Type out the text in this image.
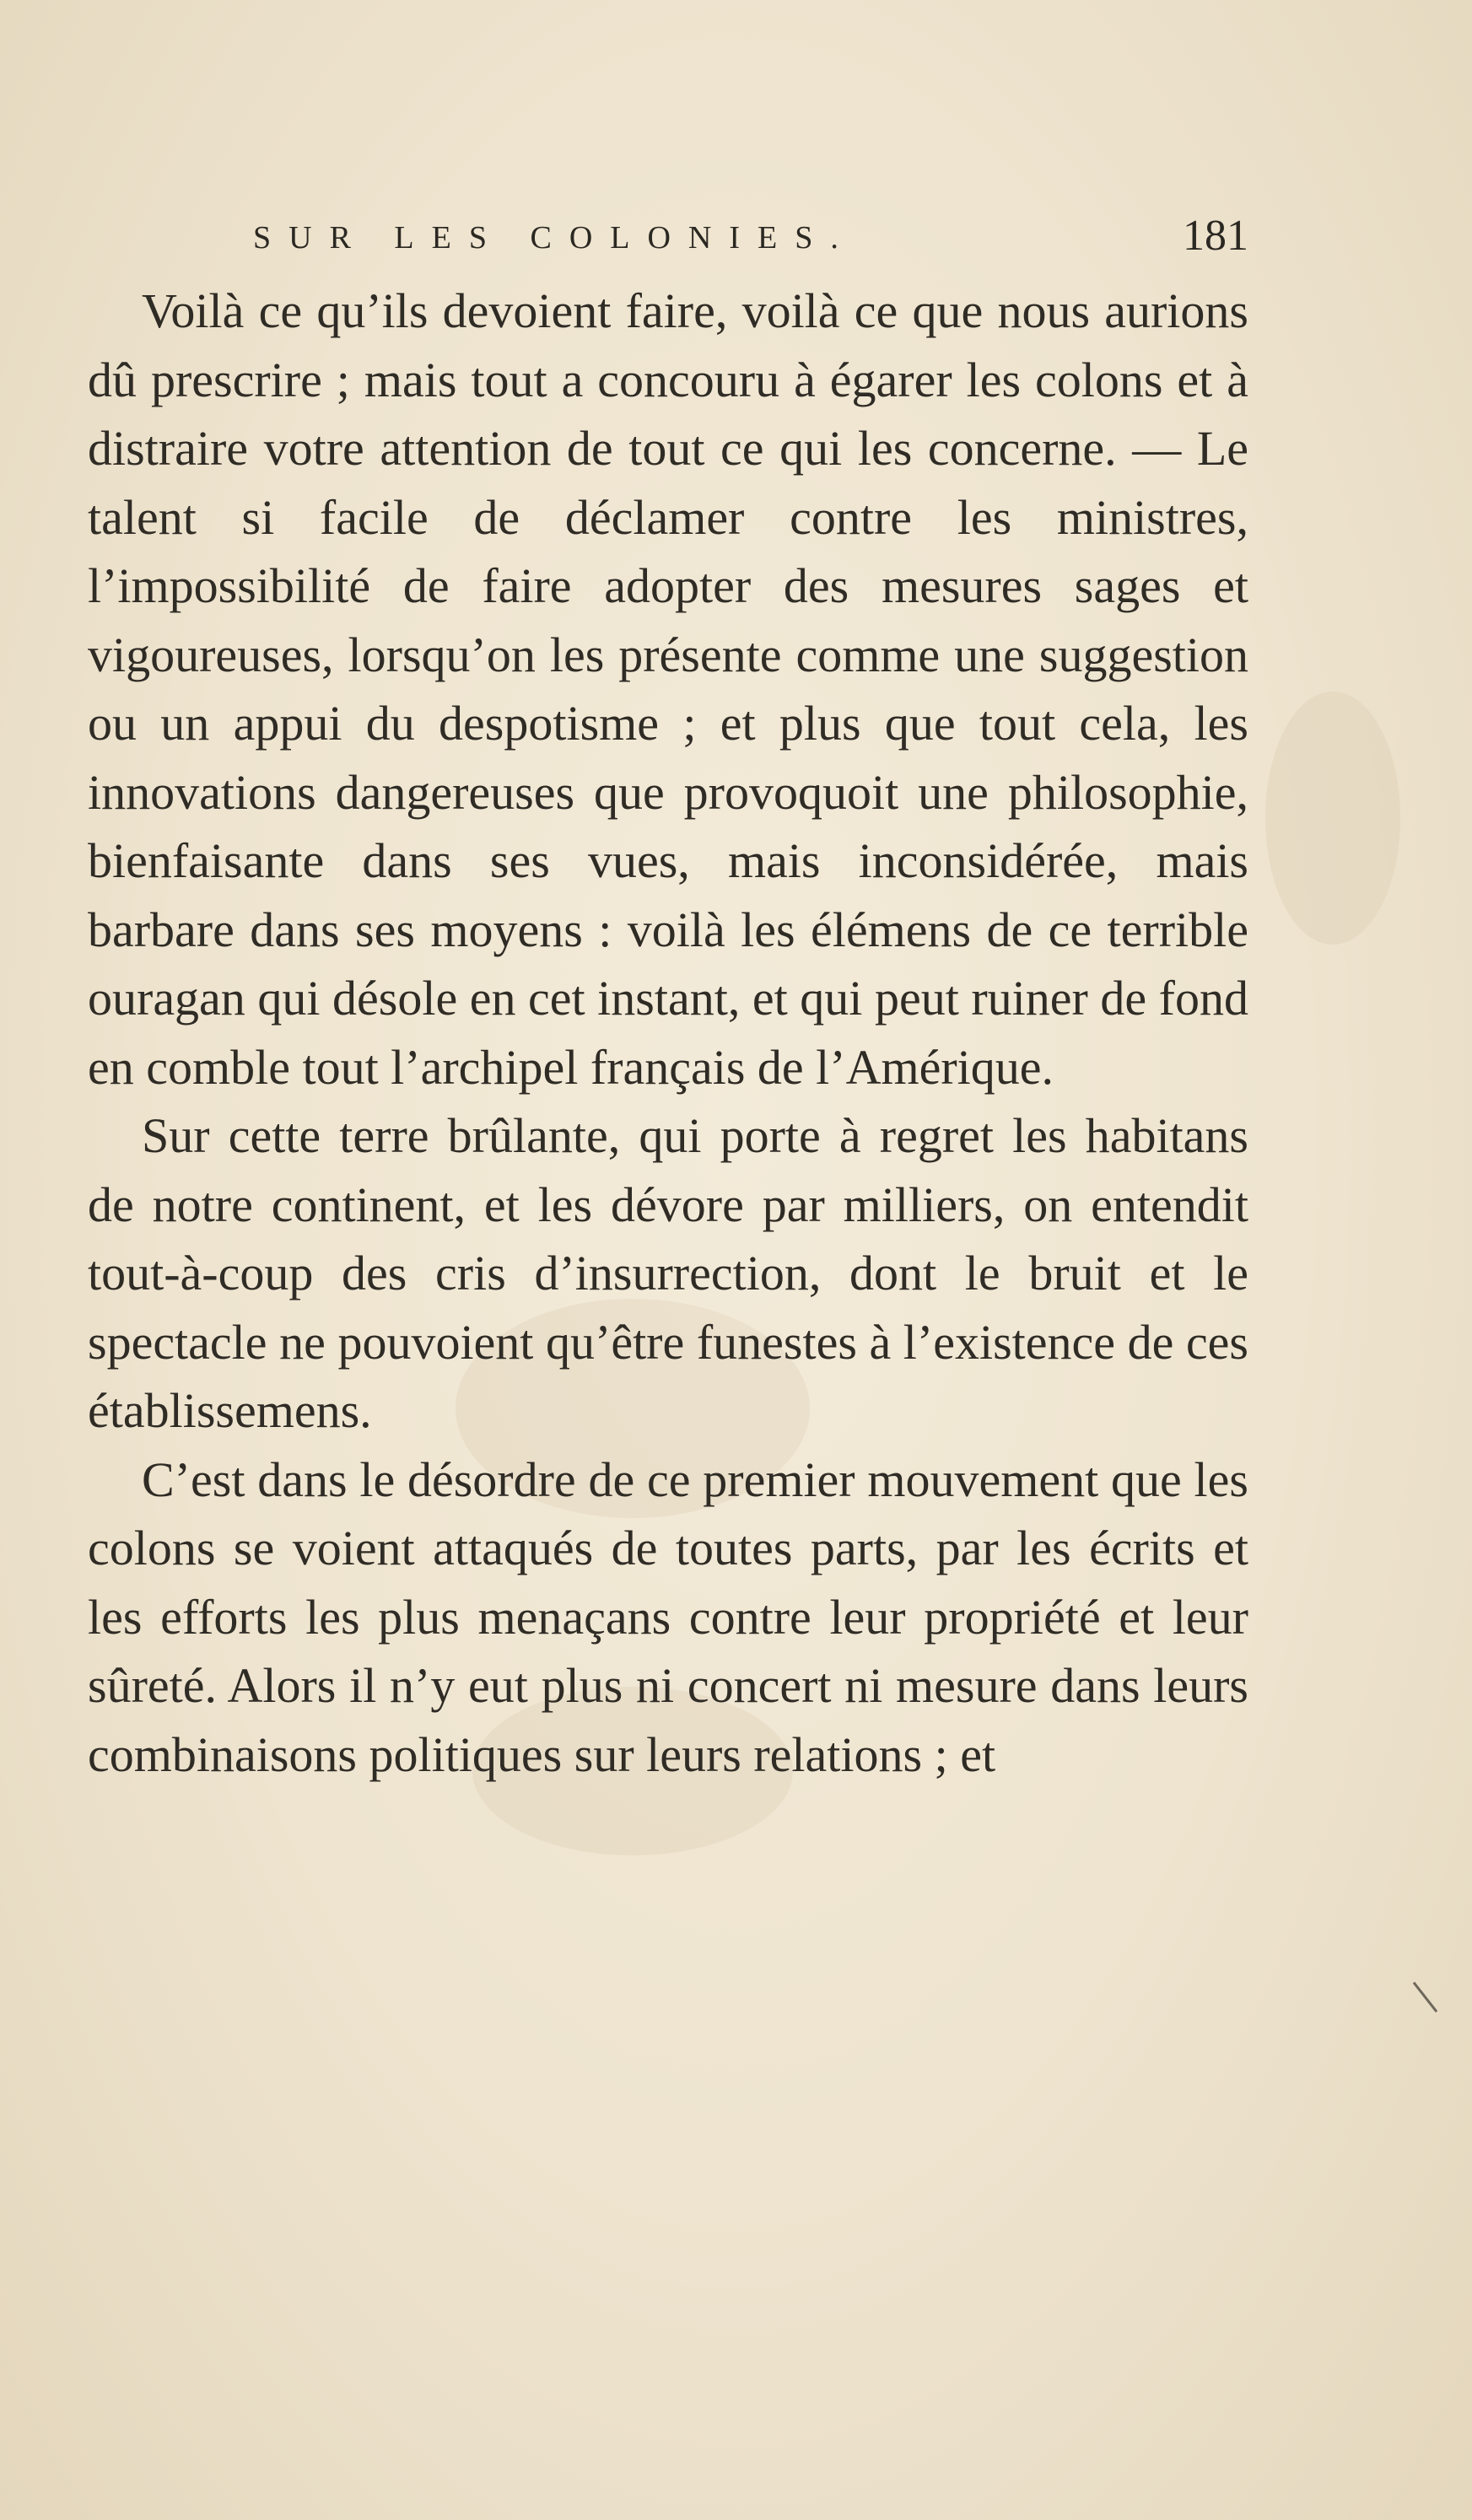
SUR LES COLONIES.	181

Voilà ce qu’ils devoient faire, voilà ce que nous aurions dû prescrire ; mais tout a concouru à égarer les colons et à distraire votre attention de tout ce qui les concerne. — Le talent si facile de déclamer contre les ministres, l’impossibilité de faire adopter des mesures sages et vigoureuses, lorsqu’on les présente comme une suggestion ou un appui du despotisme ; et plus que tout cela, les innovations dangereuses que provoquoit une philosophie, bienfaisante dans ses vues, mais inconsidérée, mais barbare dans ses moyens : voilà les élémens de ce terrible ouragan qui désole en cet instant, et qui peut ruiner de fond en comble tout l’archipel français de l’Amérique.

Sur cette terre brûlante, qui porte à regret les habitans de notre continent, et les dévore par milliers, on entendit tout-à-coup des cris d’insurrection, dont le bruit et le spectacle ne pouvoient qu’être funestes à l’existence de ces établissemens.

C’est dans le désordre de ce premier mouvement que les colons se voient attaqués de toutes parts, par les écrits et les efforts les plus menaçans contre leur propriété et leur sûreté. Alors il n’y eut plus ni concert ni mesure dans leurs combinaisons politiques sur leurs relations ; et
